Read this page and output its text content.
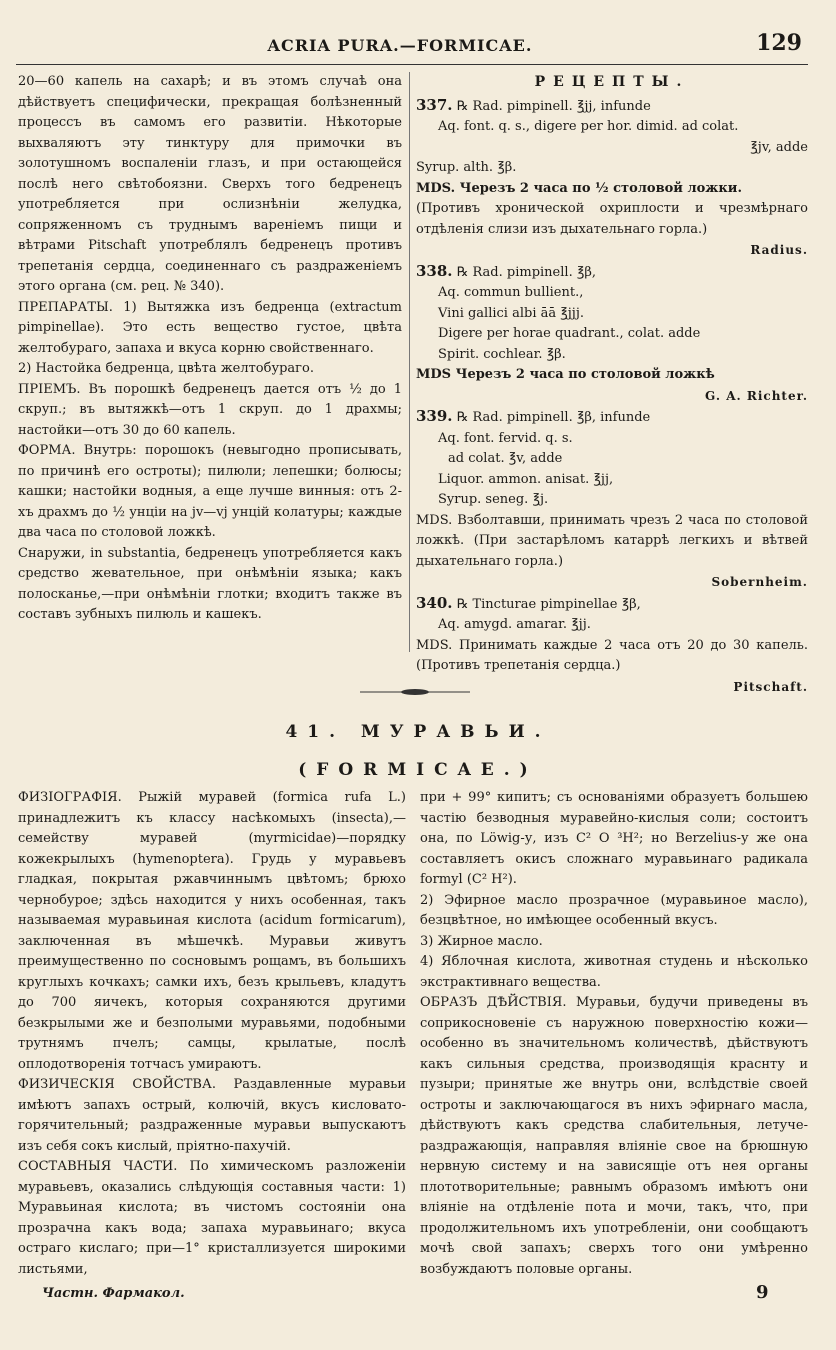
ACRIA PURA.—FORMICAE.	129

20—60 капель на сахарѣ; и въ этомъ случаѣ она дѣйствуетъ специфически, прекращая болѣзненный процессъ въ самомъ его развитіи. Нѣкоторые выхваляютъ эту тинктуру для примочки въ золотушномъ воспаленіи глазъ, и при остающейся послѣ него свѣтобоязни. Сверхъ того бедренецъ употребляется при ослизнѣніи желудка, сопряженномъ съ труднымъ вареніемъ пищи и вѣтрами Pitschaft употреблялъ бедренецъ противъ трепетанія сердца, соединеннаго съ раздраженіемъ этого органа (см. рец. № 340).

ПРЕПАРАТЫ. 1) Вытяжка изъ бедренца (extractum pimpinellae). Это есть вещество густое, цвѣта желтобураго, запаха и вкуса корню свойственнаго.

2) Настойка бедренца, цвѣта желтобураго.

ПРІЕМЪ. Въ порошкѣ бедренецъ дается отъ ½ до 1 скруп.; въ вытяжкѣ—отъ 1 скруп. до 1 драхмы; настойки—отъ 30 до 60 капель.

ФОРМА. Внутрь: порошокъ (невыгодно прописывать, по причинѣ его остроты); пилюли; лепешки; болюсы; кашки; настойки водныя, а еще лучше винныя: отъ 2-хъ драхмъ до ½ унціи на jv—vj унцій колатуры; каждые два часа по столовой ложкѣ.

Снаружи, in substantia, бедренецъ употребляется какъ средство жевательное, при онѣмѣніи языка; какъ полосканье,—при онѣмѣніи глотки; входитъ также въ составъ зубныхъ пилюль и кашекъ.

РЕЦЕПТЫ.
337. ℞ Rad. pimpinell. ℥jj, infunde
Aq. font. q. s., digere per hor. dimid. ad colat.
℥jv, adde
Syrup. alth. ℥β.
MDS. Черезъ 2 часа по ½ столовой ложки.
(Противъ хронической охриплости и чрезмѣрнаго отдѣленія слизи изъ дыхательнаго горла.)
Radius.
338. ℞ Rad. pimpinell. ℥β,
Aq. commun bullient.,
Vini gallici albi āā ℥jjj.
Digere per horae quadrant., colat. adde
Spirit. cochlear. ℥β.
MDS Черезъ 2 часа по столовой ложкѣ
G. A. Richter.
339. ℞ Rad. pimpinell. ℥β, infunde
Aq. font. fervid. q. s.
ad colat. ℥v, adde
Liquor. ammon. anisat. ℥jj,
Syrup. seneg. ℥j.
MDS. Взболтавши, принимать чрезъ 2 часа по столовой ложкѣ. (При застарѣломъ катаррѣ легкихъ и вѣтвей дыхательнаго горла.)
Sobernheim.
340. ℞ Tincturae pimpinellae ℥β,
Aq. amygd. amarar. ℥jj.
MDS. Принимать каждые 2 часа отъ 20 до 30 капель. (Противъ трепетанія сердца.)
Pitschaft.
41. МУРАВЬИ.
(FORMICAE.)

ФИЗІОГРАФІЯ. Рыжій муравей (formica rufa L.) принадлежитъ къ классу насѣкомыхъ (insecta),—семейству муравей (myrmicidae)—порядку кожекрылыхъ (hymenoptera). Грудь у муравьевъ гладкая, покрытая ржавчиннымъ цвѣтомъ; брюхо чернобурое; здѣсь находится у нихъ особенная, такъ называемая муравьиная кислота (acidum formicarum), заключенная въ мѣшечкѣ. Муравьи живутъ преимущественно по сосновымъ рощамъ, въ большихъ круглыхъ кочкахъ; самки ихъ, безъ крыльевъ, кладутъ до 700 яичекъ, которыя сохраняются другими безкрылыми же и безполыми муравьями, подобными трутнямъ пчелъ; самцы, крылатые, послѣ оплодотворенія тотчасъ умираютъ.

ФИЗИЧЕСКІЯ СВОЙСТВА. Раздавленные муравьи имѣютъ запахъ острый, колючій, вкусъ кисловато-горячительный; раздраженные муравьи выпускаютъ изъ себя сокъ кислый, пріятно-пахучій.

СОСТАВНЫЯ ЧАСТИ. По химическомъ разложеніи муравьевъ, оказались слѣдующія составныя части: 1) Муравьиная кислота; въ чистомъ состояніи она прозрачна какъ вода; запаха муравьинаго; вкуса остраго кислаго; при—1° кристаллизуется широкими листьями,

при + 99° кипитъ; съ основаніями образуетъ большею частію безводныя муравейно-кислыя соли; состоитъ она, по Löwig-у, изъ C² O ³H²; но Berzelius-у же она составляетъ окисъ сложнаго муравьинаго радикала formyl (C² H²).

2) Эфирное масло прозрачное (муравьиное масло), безцвѣтное, но имѣющее особенный вкусъ.

3) Жирное масло.

4) Яблочная кислота, животная студень и нѣсколько экстрактивнаго вещества.

ОБРАЗЪ ДѢЙСТВІЯ. Муравьи, будучи приведены въ соприкосновеніе съ наружною поверхностію кожи—особенно въ значительномъ количествѣ, дѣйствуютъ какъ сильныя средства, производящія краснту и пузыри; принятые же внутрь они, вслѣдствіе своей остроты и заключающагося въ нихъ эфирнаго масла, дѣйствуютъ какъ средства слабительныя, летуче-раздражающія, направляя вліяніе свое на брюшную нервную систему и на зависящіе отъ нея органы плототворительные; равнымъ образомъ имѣютъ они вліяніе на отдѣленіе пота и мочи, такъ, что, при продолжительномъ ихъ употребленіи, они сообщаютъ мочѣ свой запахъ; сверхъ того они умѣренно возбуждаютъ половые органы.

Частн. Фармакол.	9
